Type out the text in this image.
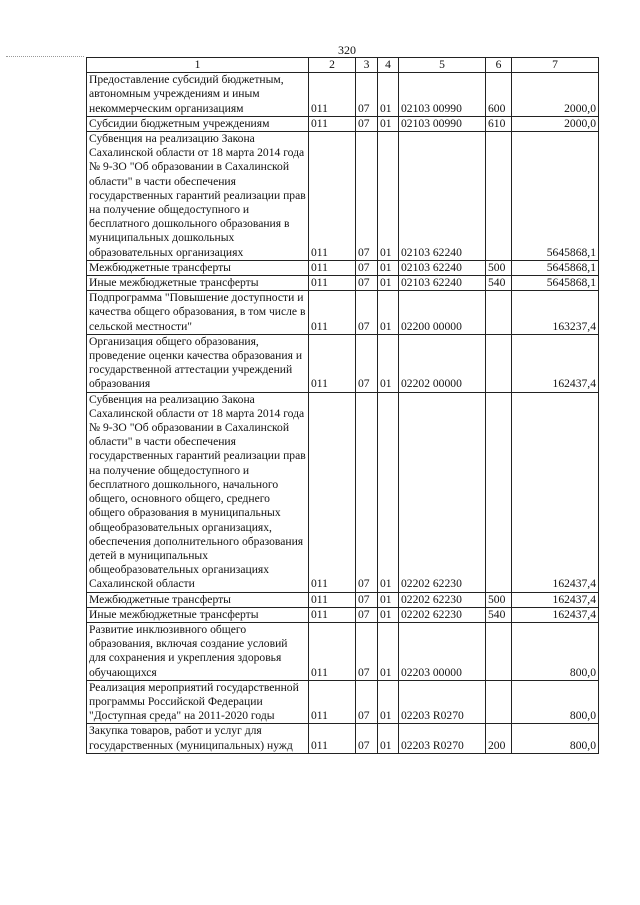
320
1	2	3	4	5	6	7
Предоставление субсидий бюджетным, автономным учреждениям и иным некоммерческим организациям	011	07	01	02103 00990	600	2000,0
Субсидии бюджетным учреждениям	011	07	01	02103 00990	610	2000,0
Субвенция на реализацию Закона Сахалинской области от 18 марта 2014 года № 9-ЗО "Об образовании в Сахалинской области" в части обеспечения государственных гарантий реализации прав на получение общедоступного и бесплатного дошкольного образования в муниципальных дошкольных образовательных организациях	011	07	01	02103 62240		5645868,1
Межбюджетные трансферты	011	07	01	02103 62240	500	5645868,1
Иные межбюджетные трансферты	011	07	01	02103 62240	540	5645868,1
Подпрограмма "Повышение доступности и качества общего образования, в том числе в сельской местности"	011	07	01	02200 00000		163237,4
Организация общего образования, проведение оценки качества образования и государственной аттестации учреждений образования	011	07	01	02202 00000		162437,4
Субвенция на реализацию Закона Сахалинской области от 18 марта 2014 года № 9-ЗО "Об образовании в Сахалинской области" в части обеспечения государственных гарантий реализации прав на получение общедоступного и бесплатного дошкольного, начального общего, основного общего, среднего общего образования в муниципальных общеобразовательных организациях, обеспечения дополнительного образования детей в муниципальных общеобразовательных организациях Сахалинской области	011	07	01	02202 62230		162437,4
Межбюджетные трансферты	011	07	01	02202 62230	500	162437,4
Иные межбюджетные трансферты	011	07	01	02202 62230	540	162437,4
Развитие инклюзивного общего образования, включая создание условий для сохранения и укрепления здоровья обучающихся	011	07	01	02203 00000		800,0
Реализация мероприятий государственной программы Российской Федерации "Доступная среда" на 2011-2020 годы	011	07	01	02203 R0270		800,0
Закупка товаров, работ и услуг для государственных (муниципальных) нужд	011	07	01	02203 R0270	200	800,0
